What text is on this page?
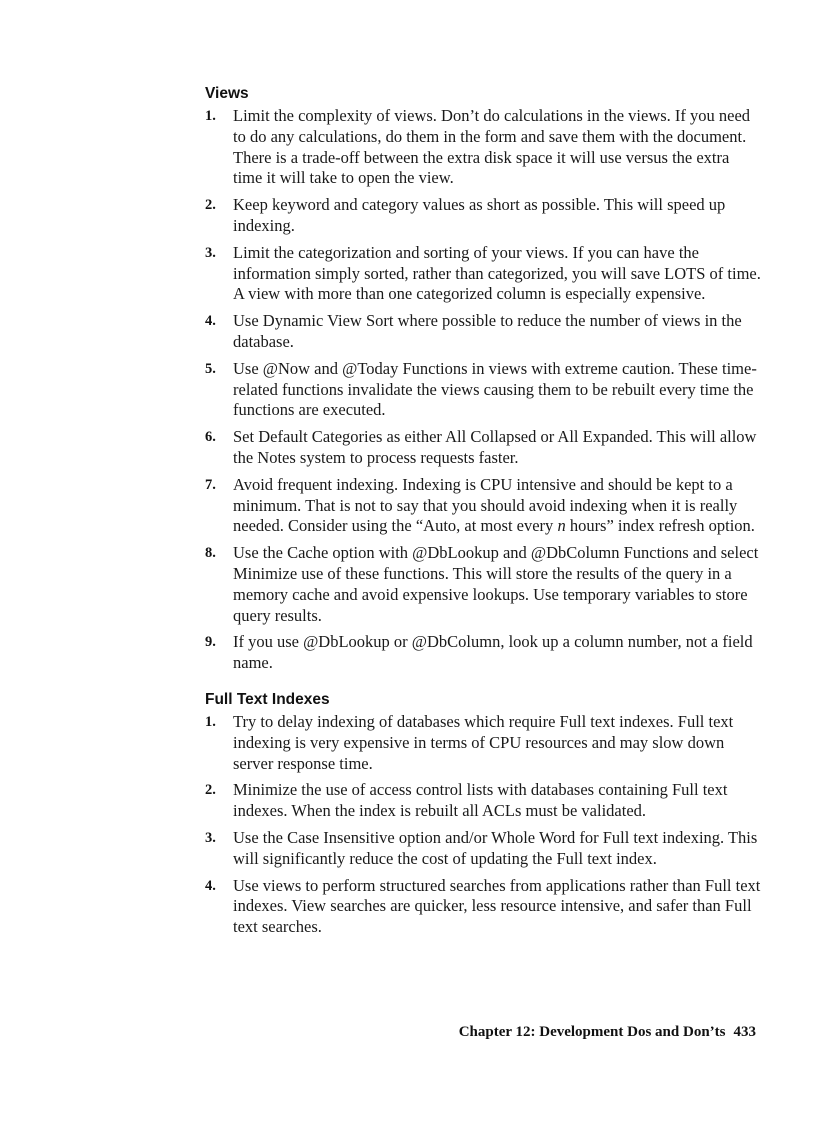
Views
1.	Limit the complexity of views. Don’t do calculations in the views. If you need to do any calculations, do them in the form and save them with the document. There is a trade-off between the extra disk space it will use versus the extra time it will take to open the view.
2.	Keep keyword and category values as short as possible. This will speed up indexing.
3.	Limit the categorization and sorting of your views. If you can have the information simply sorted, rather than categorized, you will save LOTS of time. A view with more than one categorized column is especially expensive.
4.	Use Dynamic View Sort where possible to reduce the number of views in the database.
5.	Use @Now and @Today Functions in views with extreme caution. These time-related functions invalidate the views causing them to be rebuilt every time the functions are executed.
6.	Set Default Categories as either All Collapsed or All Expanded. This will allow the Notes system to process requests faster.
7.	Avoid frequent indexing. Indexing is CPU intensive and should be kept to a minimum. That is not to say that you should avoid indexing when it is really needed. Consider using the “Auto, at most every n hours” index refresh option.
8.	Use the Cache option with @DbLookup and @DbColumn Functions and select Minimize use of these functions. This will store the results of the query in a memory cache and avoid expensive lookups. Use temporary variables to store query results.
9.	If you use @DbLookup or @DbColumn, look up a column number, not a field name.
Full Text Indexes
1.	Try to delay indexing of databases which require Full text indexes. Full text indexing is very expensive in terms of CPU resources and may slow down server response time.
2.	Minimize the use of access control lists with databases containing Full text indexes. When the index is rebuilt all ACLs must be validated.
3.	Use the Case Insensitive option and/or Whole Word for Full text indexing. This will significantly reduce the cost of updating the Full text index.
4.	Use views to perform structured searches from applications rather than Full text indexes. View searches are quicker, less resource intensive, and safer than Full text searches.
Chapter 12: Development Dos and Don’ts 433
